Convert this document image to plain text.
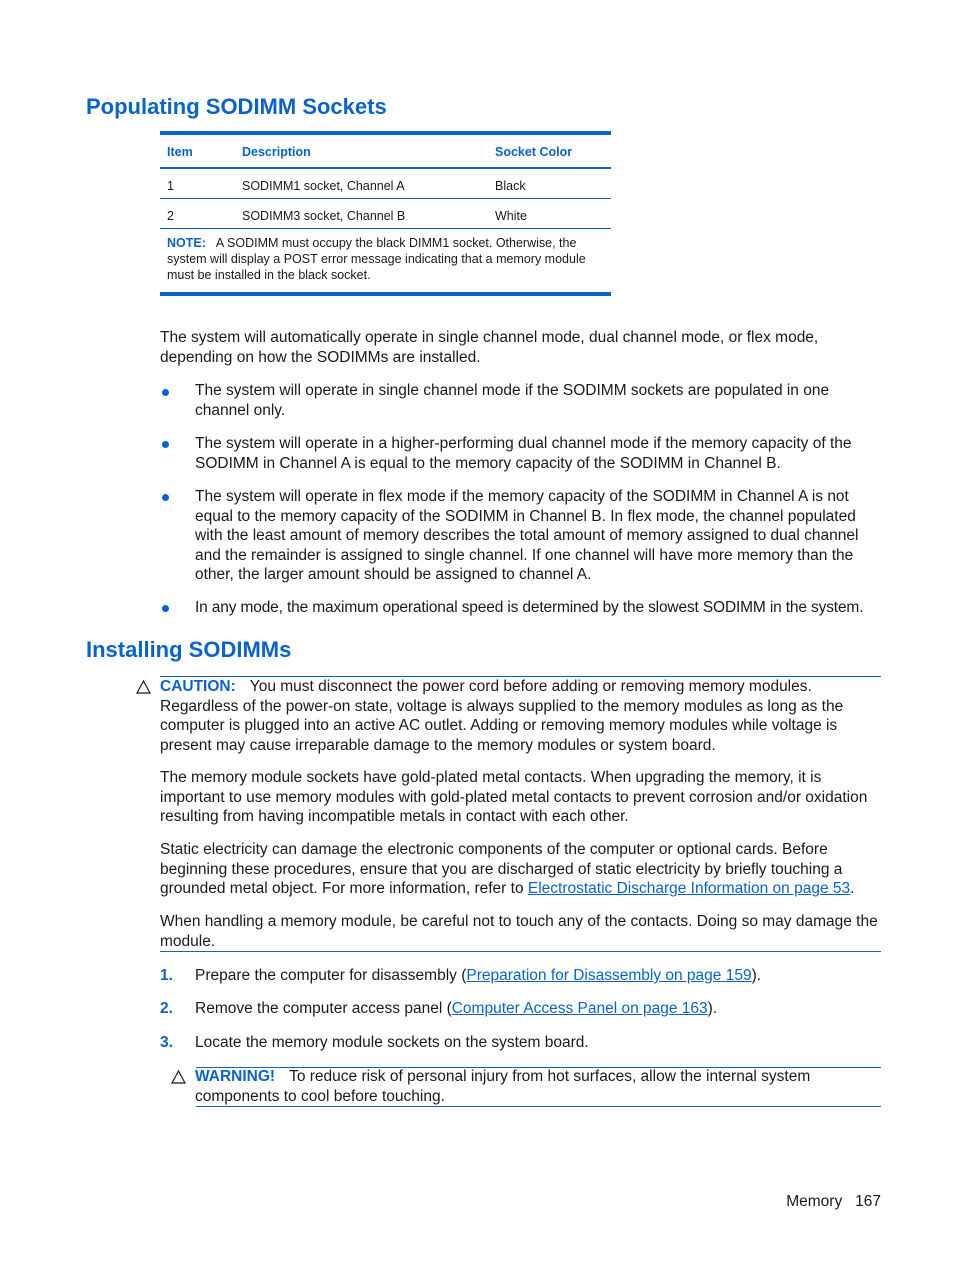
Populating SODIMM Sockets
Item	Description	Socket Color
1	SODIMM1 socket, Channel A	Black
2	SODIMM3 socket, Channel B	White
NOTE: A SODIMM must occupy the black DIMM1 socket. Otherwise, the system will display a POST error message indicating that a memory module must be installed in the black socket.

The system will automatically operate in single channel mode, dual channel mode, or flex mode, depending on how the SODIMMs are installed.

The system will operate in single channel mode if the SODIMM sockets are populated in one channel only.
The system will operate in a higher-performing dual channel mode if the memory capacity of the SODIMM in Channel A is equal to the memory capacity of the SODIMM in Channel B.
The system will operate in flex mode if the memory capacity of the SODIMM in Channel A is not equal to the memory capacity of the SODIMM in Channel B. In flex mode, the channel populated with the least amount of memory describes the total amount of memory assigned to dual channel and the remainder is assigned to single channel. If one channel will have more memory than the other, the larger amount should be assigned to channel A.
In any mode, the maximum operational speed is determined by the slowest SODIMM in the system.
Installing SODIMMs

CAUTION: You must disconnect the power cord before adding or removing memory modules. Regardless of the power-on state, voltage is always supplied to the memory modules as long as the computer is plugged into an active AC outlet. Adding or removing memory modules while voltage is present may cause irreparable damage to the memory modules or system board.

The memory module sockets have gold-plated metal contacts. When upgrading the memory, it is important to use memory modules with gold-plated metal contacts to prevent corrosion and/or oxidation resulting from having incompatible metals in contact with each other.

Static electricity can damage the electronic components of the computer or optional cards. Before beginning these procedures, ensure that you are discharged of static electricity by briefly touching a grounded metal object. For more information, refer to Electrostatic Discharge Information on page 53.

When handling a memory module, be careful not to touch any of the contacts. Doing so may damage the module.

1. Prepare the computer for disassembly (Preparation for Disassembly on page 159).
2. Remove the computer access panel (Computer Access Panel on page 163).
3. Locate the memory module sockets on the system board.
WARNING! To reduce risk of personal injury from hot surfaces, allow the internal system components to cool before touching.
Memory 167
